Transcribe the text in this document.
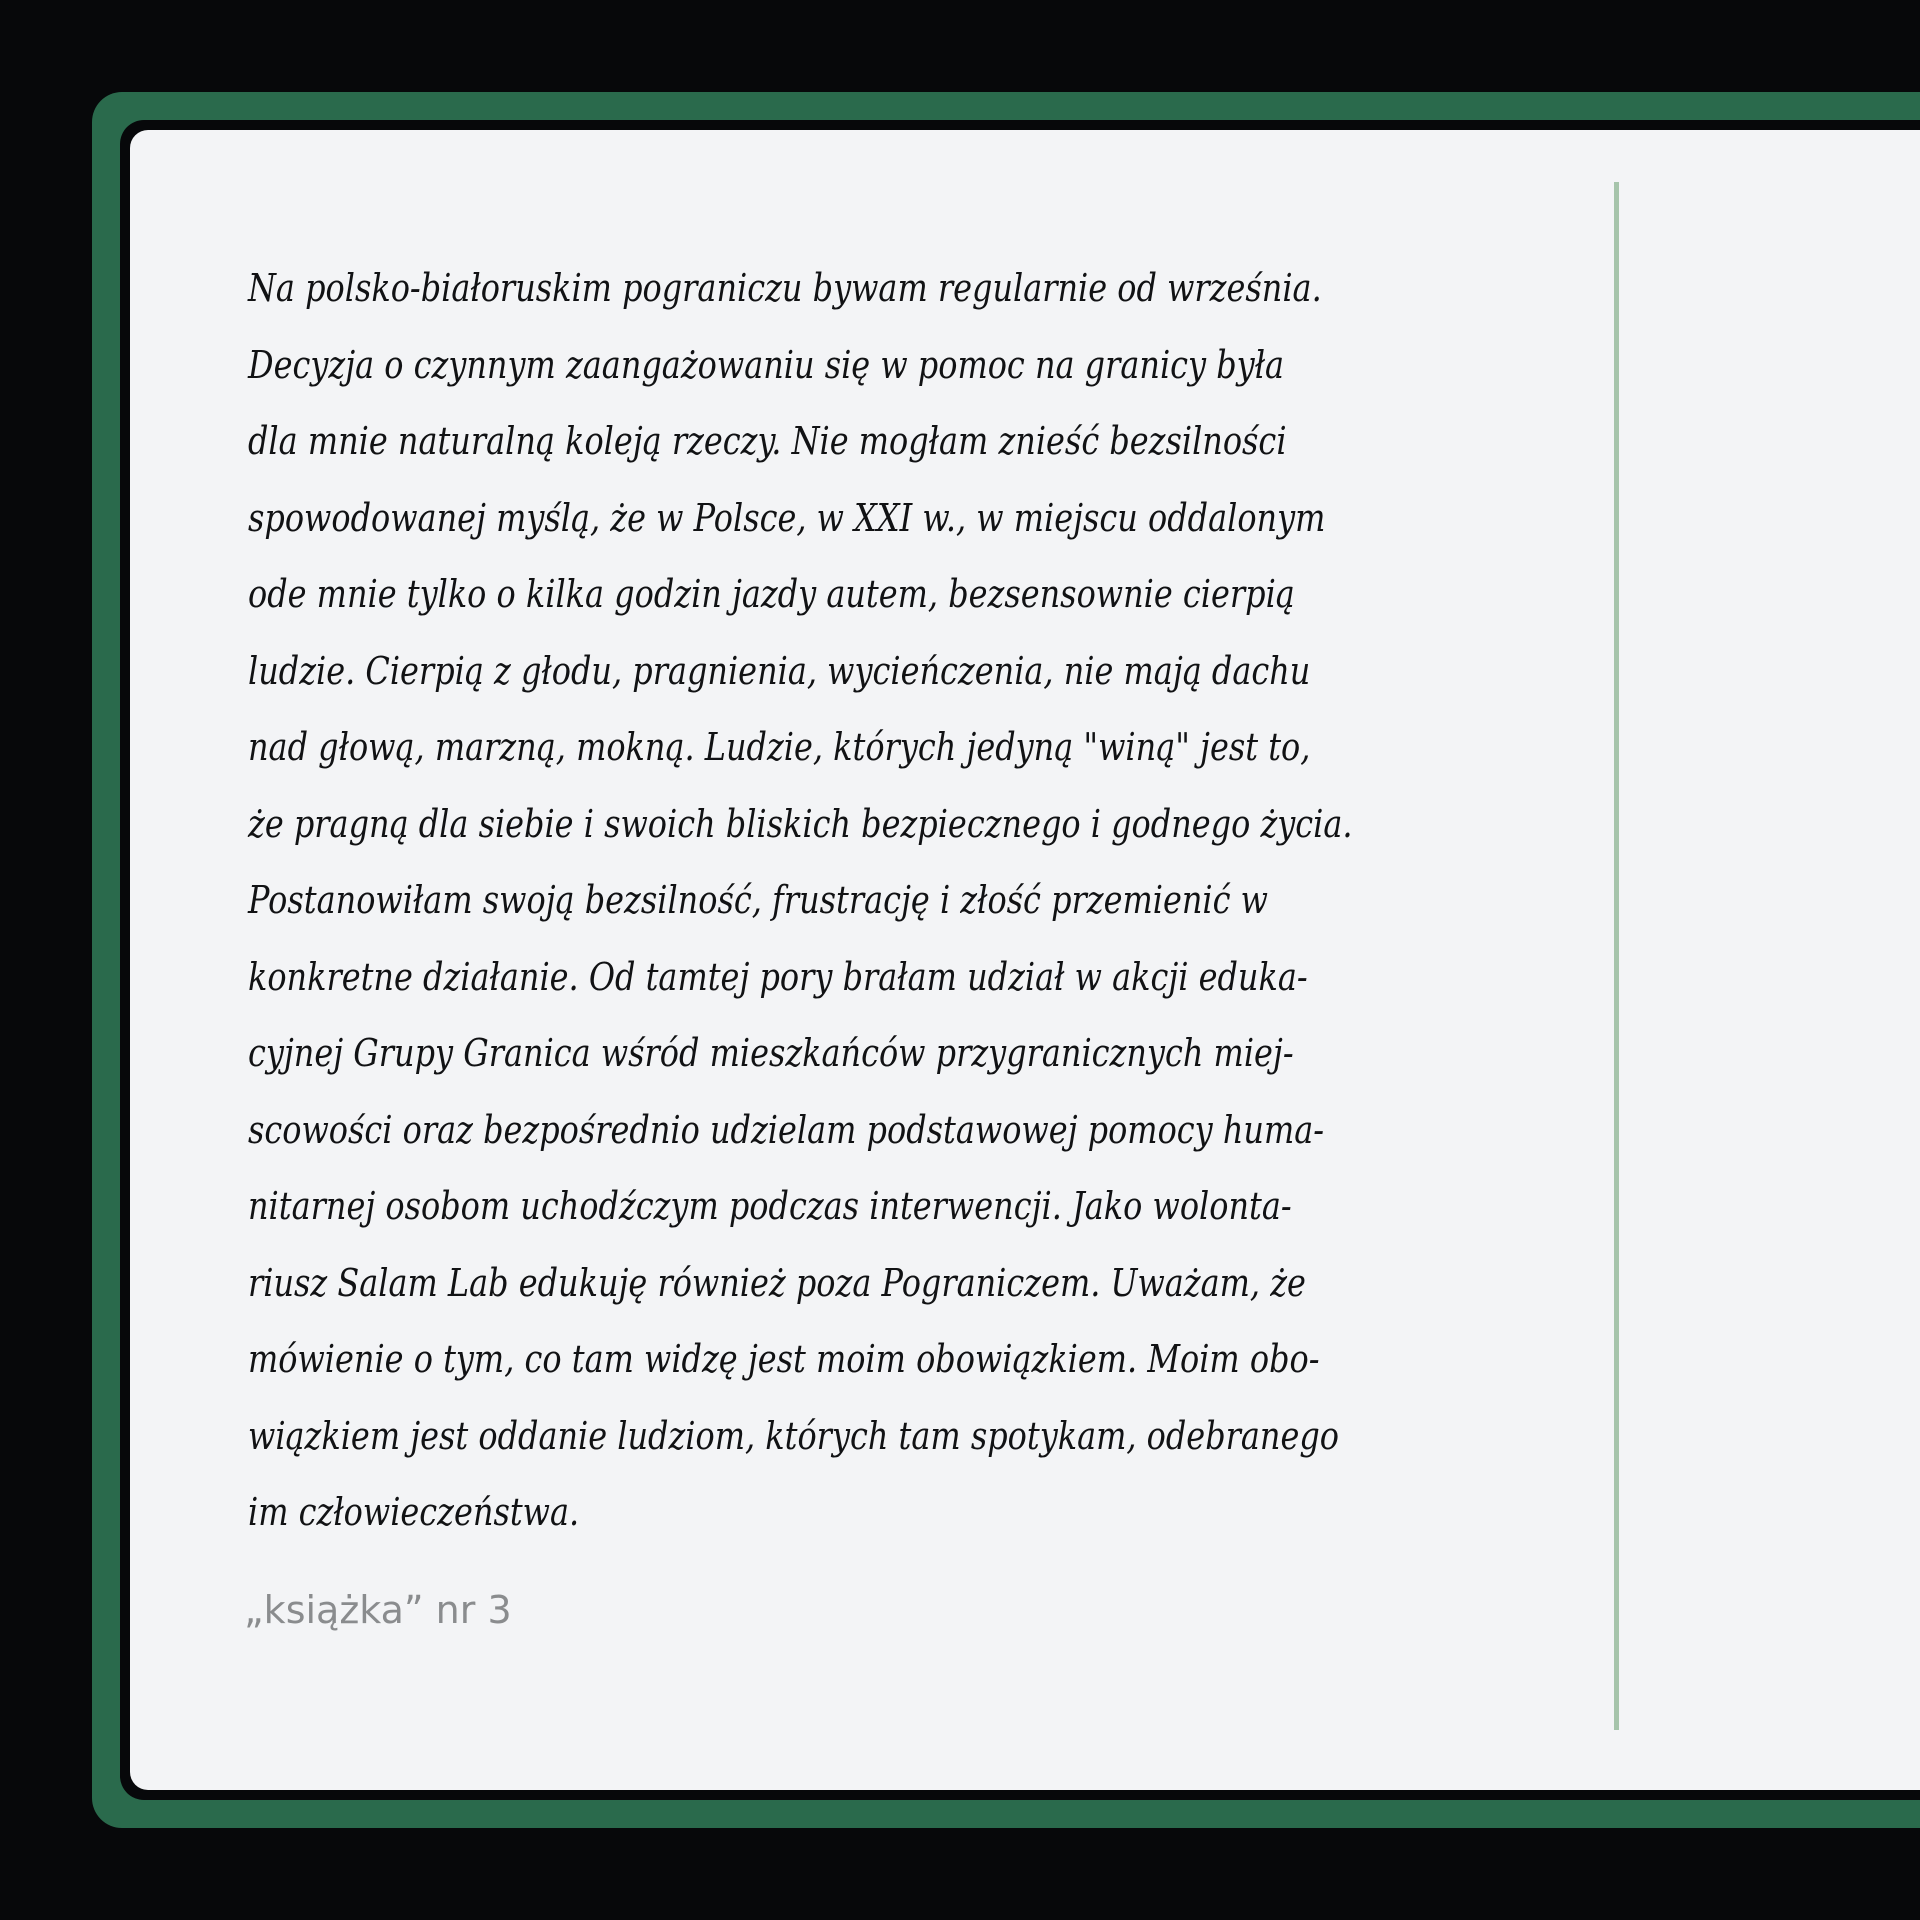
Na polsko-białoruskim pograniczu bywam regularnie od września.
Decyzja o czynnym zaangażowaniu się w pomoc na granicy była
dla mnie naturalną koleją rzeczy. Nie mogłam znieść bezsilności
spowodowanej myślą, że w Polsce, w XXI w., w miejscu oddalonym
ode mnie tylko o kilka godzin jazdy autem, bezsensownie cierpią
ludzie. Cierpią z głodu, pragnienia, wycieńczenia, nie mają dachu
nad głową, marzną, mokną. Ludzie, których jedyną "winą" jest to,
że pragną dla siebie i swoich bliskich bezpiecznego i godnego życia.
Postanowiłam swoją bezsilność, frustrację i złość przemienić w
konkretne działanie. Od tamtej pory brałam udział w akcji eduka-
cyjnej Grupy Granica wśród mieszkańców przygranicznych miej-
scowości oraz bezpośrednio udzielam podstawowej pomocy huma-
nitarnej osobom uchodźczym podczas interwencji. Jako wolonta-
riusz Salam Lab edukuję również poza Pograniczem. Uważam, że
mówienie o tym, co tam widzę jest moim obowiązkiem. Moim obo-
wiązkiem jest oddanie ludziom, których tam spotykam, odebranego
im człowieczeństwa.

„książka” nr 3
